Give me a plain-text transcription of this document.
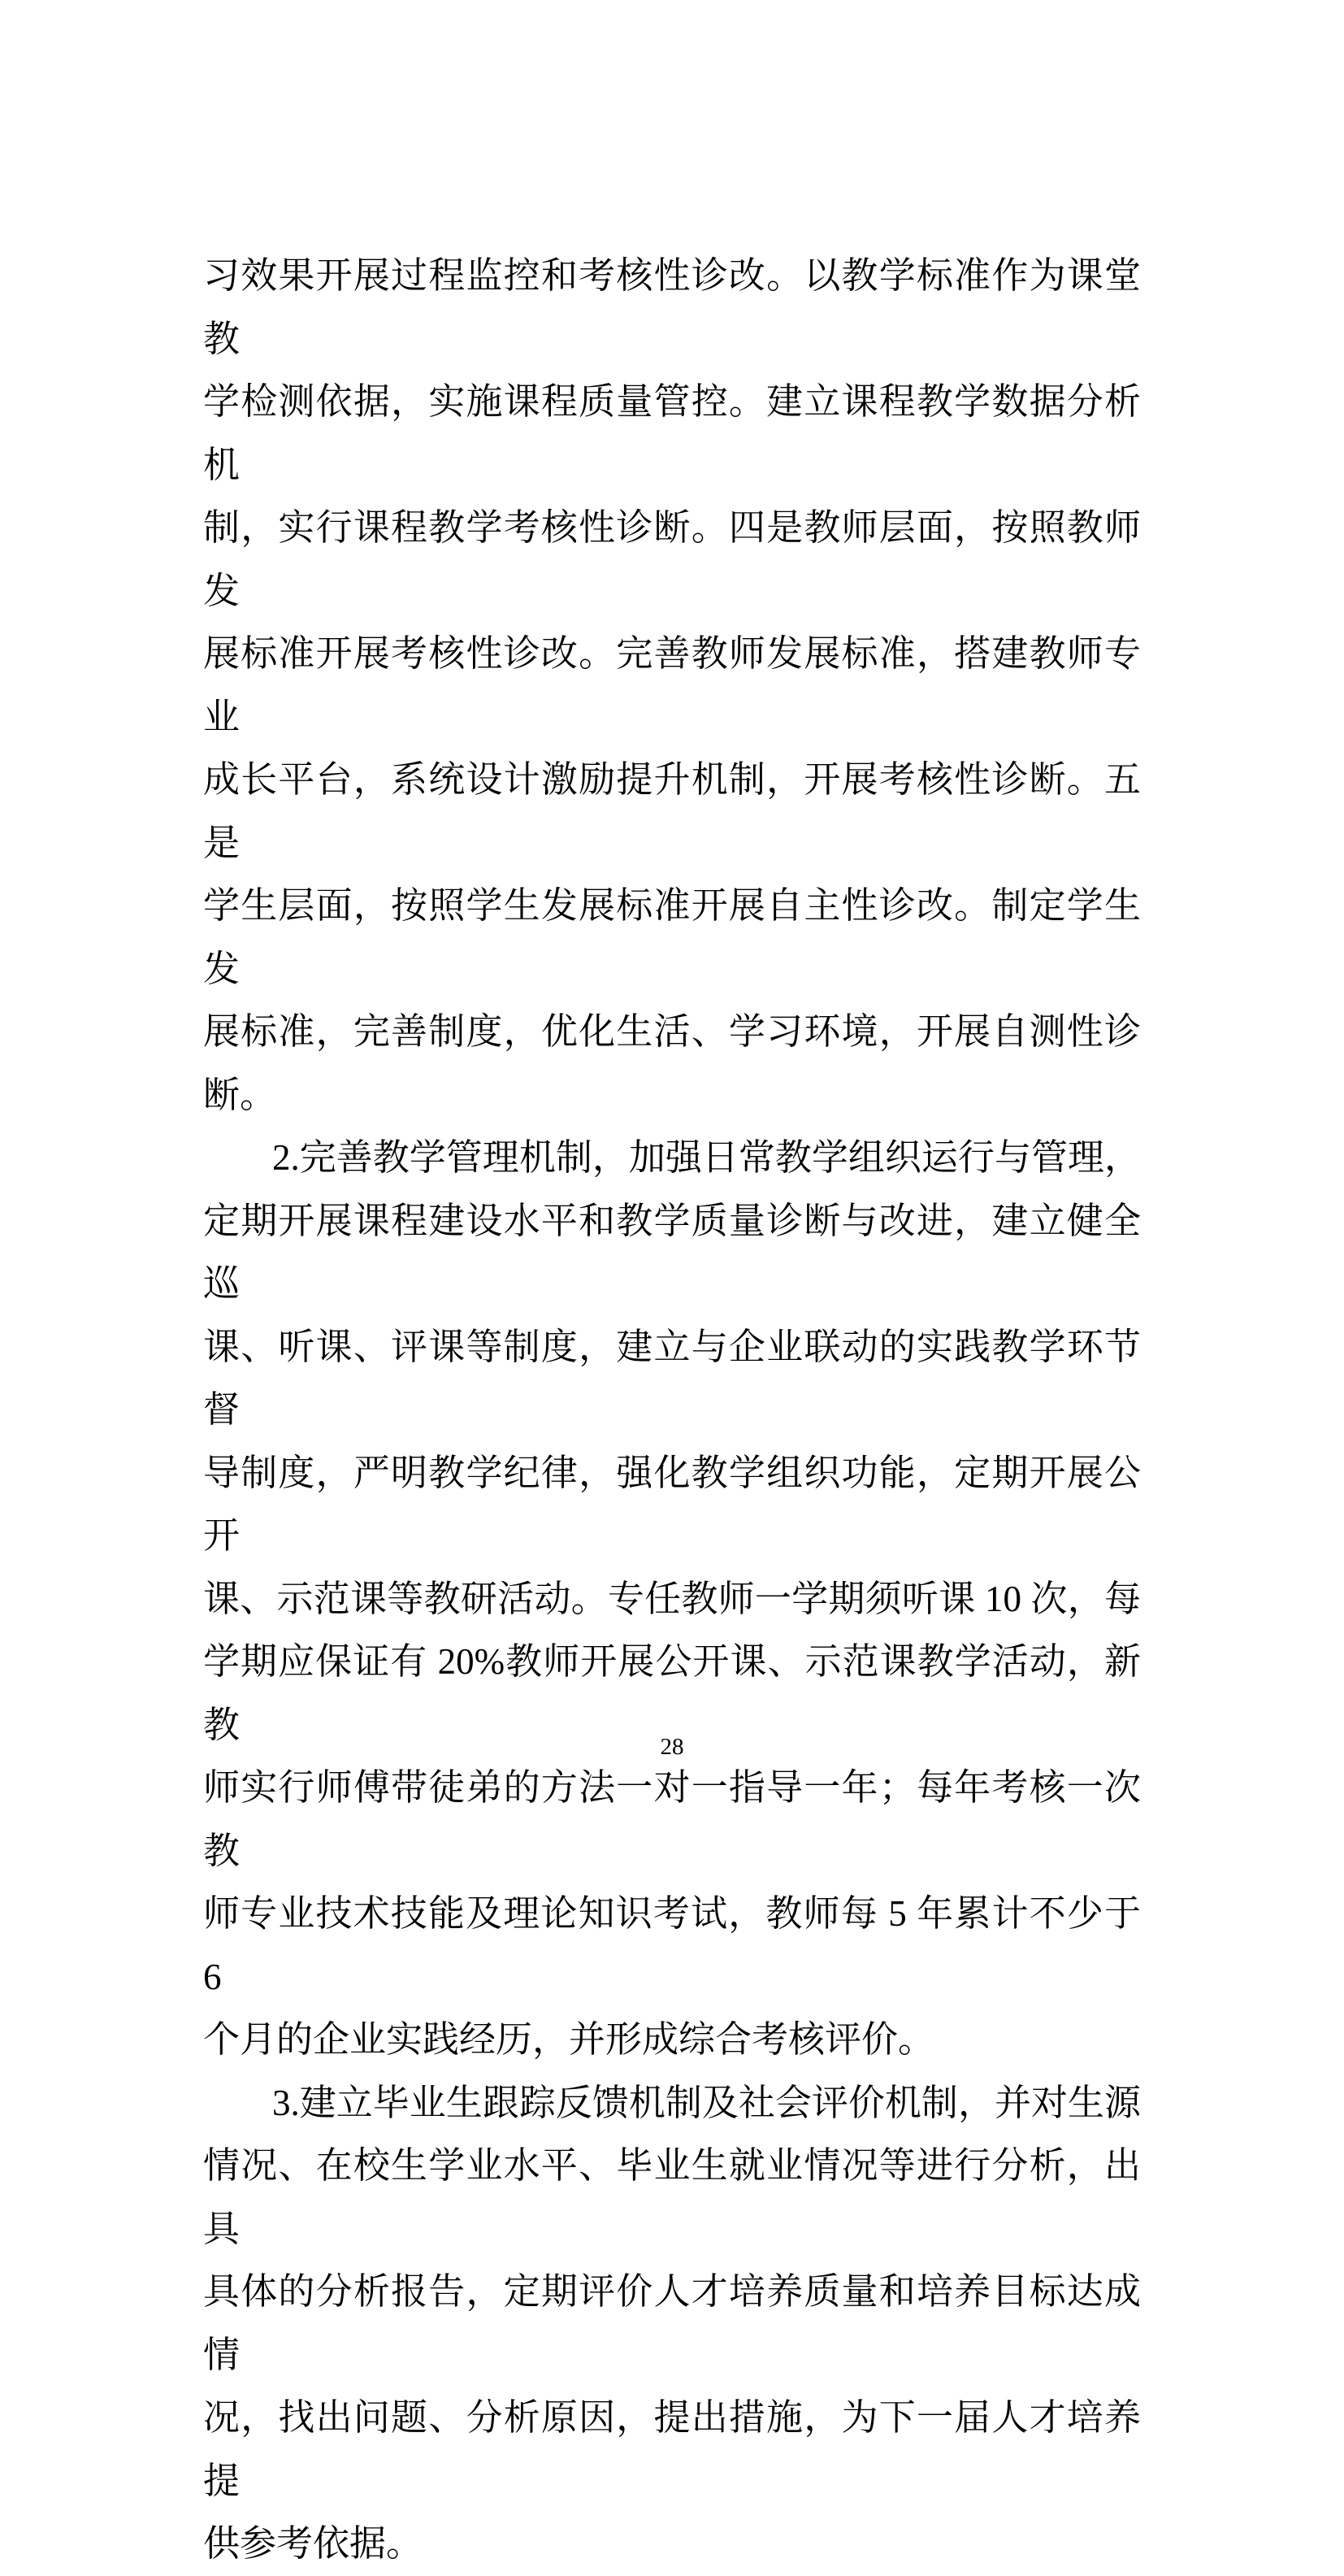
习效果开展过程监控和考核性诊改。以教学标准作为课堂教
学检测依据，实施课程质量管控。建立课程教学数据分析机
制，实行课程教学考核性诊断。四是教师层面，按照教师发
展标准开展考核性诊改。完善教师发展标准，搭建教师专业
成长平台，系统设计激励提升机制，开展考核性诊断。五是
学生层面，按照学生发展标准开展自主性诊改。制定学生发
展标准，完善制度，优化生活、学习环境，开展自测性诊
断。
2.完善教学管理机制，加强日常教学组织运行与管理，
定期开展课程建设水平和教学质量诊断与改进，建立健全巡
课、听课、评课等制度，建立与企业联动的实践教学环节督
导制度，严明教学纪律，强化教学组织功能，定期开展公开
课、示范课等教研活动。专任教师一学期须听课 10 次，每
学期应保证有 20%教师开展公开课、示范课教学活动，新教
师实行师傅带徒弟的方法一对一指导一年；每年考核一次教
师专业技术技能及理论知识考试，教师每 5 年累计不少于 6
个月的企业实践经历，并形成综合考核评价。
3.建立毕业生跟踪反馈机制及社会评价机制，并对生源
情况、在校生学业水平、毕业生就业情况等进行分析，出具
具体的分析报告，定期评价人才培养质量和培养目标达成情
况，找出问题、分析原因，提出措施，为下一届人才培养提
供参考依据。
28
